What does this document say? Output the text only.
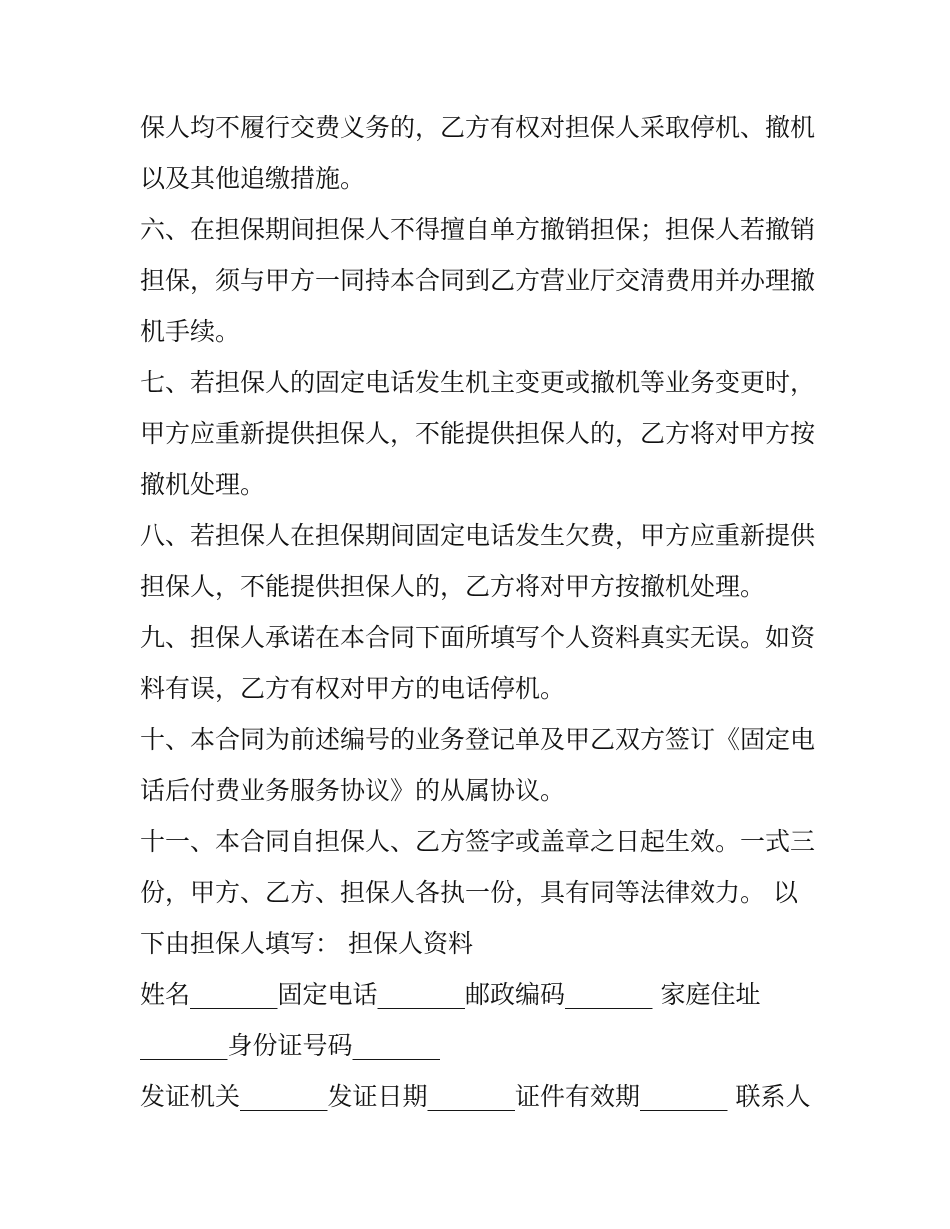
保人均不履行交费义务的，乙方有权对担保人采取停机、撤机
以及其他追缴措施。
六、在担保期间担保人不得擅自单方撤销担保；担保人若撤销
担保，须与甲方一同持本合同到乙方营业厅交清费用并办理撤
机手续。
七、若担保人的固定电话发生机主变更或撤机等业务变更时，
甲方应重新提供担保人，不能提供担保人的，乙方将对甲方按
撤机处理。
八、若担保人在担保期间固定电话发生欠费，甲方应重新提供
担保人，不能提供担保人的，乙方将对甲方按撤机处理。
九、担保人承诺在本合同下面所填写个人资料真实无误。如资
料有误，乙方有权对甲方的电话停机。
十、本合同为前述编号的业务登记单及甲乙双方签订《固定电
话后付费业务服务协议》的从属协议。
十一、本合同自担保人、乙方签字或盖章之日起生效。一式三
份，甲方、乙方、担保人各执一份，具有同等法律效力。 以
下由担保人填写： 担保人资料
姓名_______固定电话_______邮政编码_______ 家庭住址
_______身份证号码_______
发证机关_______发证日期_______证件有效期_______ 联系人
